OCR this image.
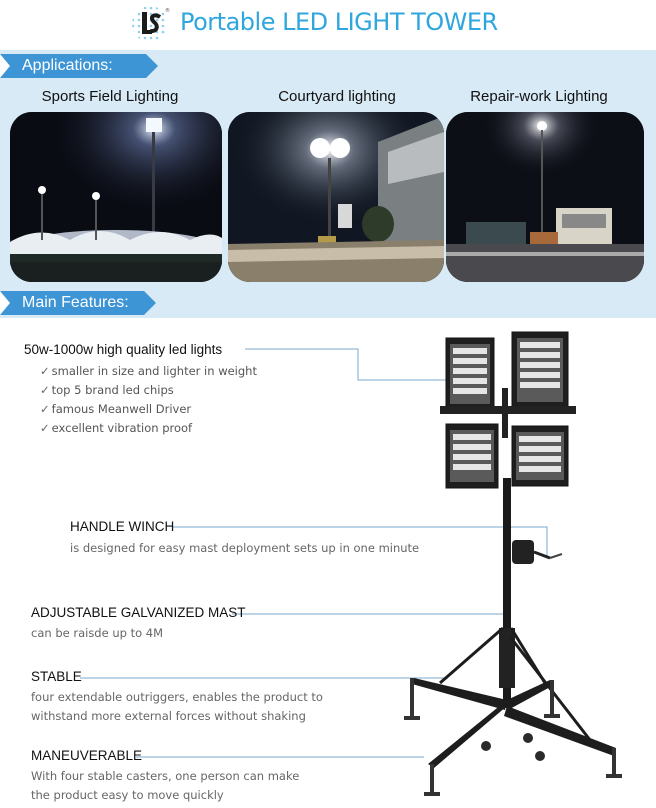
® Portable LED LIGHT TOWER
Applications:
Sports Field Lighting	Courtyard lighting	Repair-work Lighting
Main Features:
50w-1000w high quality led lights
✓ smaller in size and lighter in weight
✓ top 5 brand led chips
✓ famous Meanwell Driver
✓ excellent vibration proof
HANDLE WINCH
is designed for easy mast deployment sets up in one minute
ADJUSTABLE GALVANIZED MAST
can be raisde up to 4M
STABLE
four extendable outriggers, enables the product to
withstand more external forces without shaking
MANEUVERABLE
With four stable casters, one person can make
the product easy to move quickly
